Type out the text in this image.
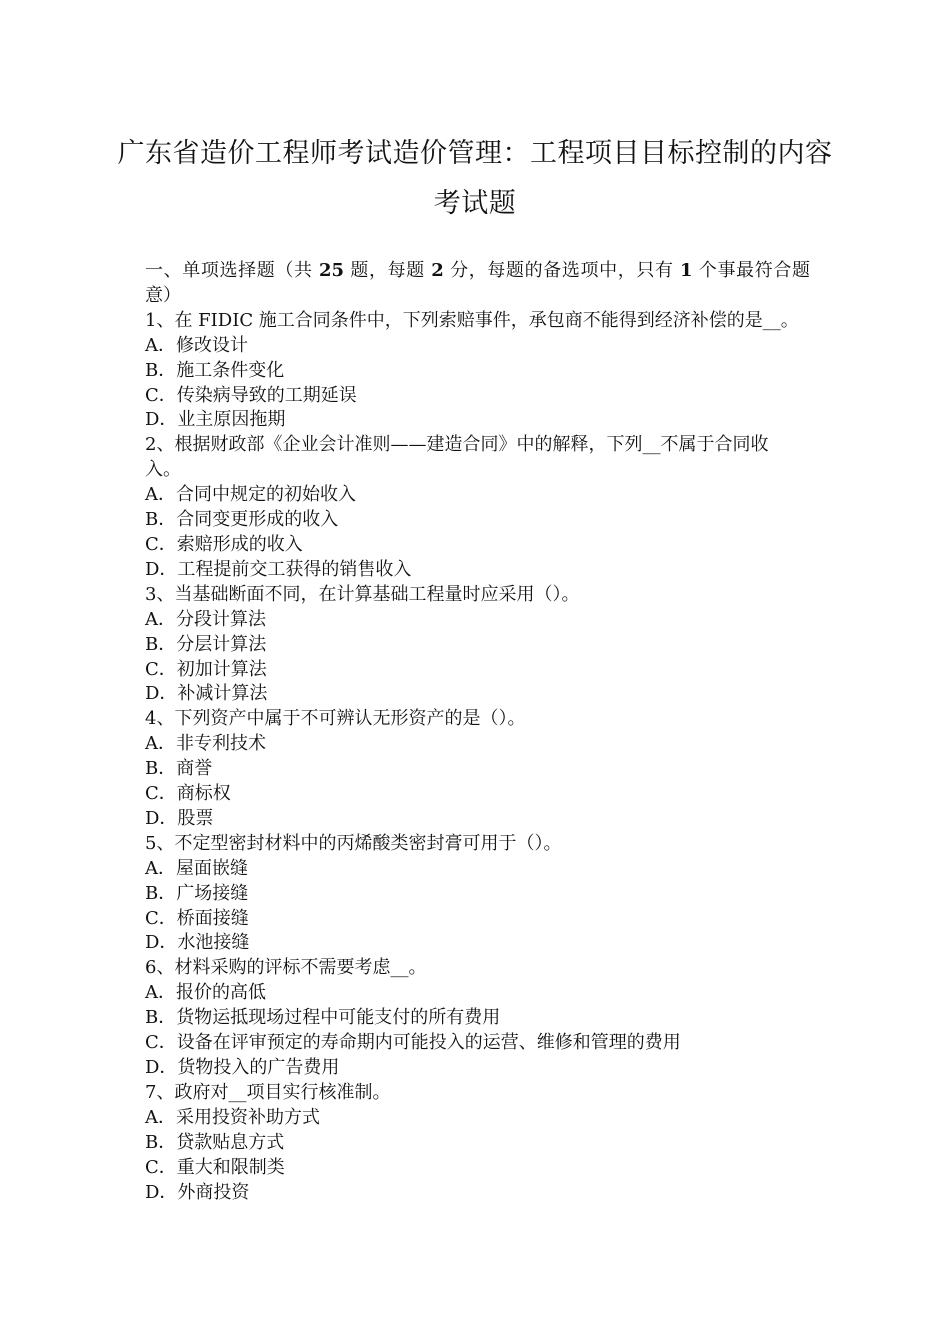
广东省造价工程师考试造价管理：工程项目目标控制的内容
考试题
一、单项选择题（共 25 题，每题 2 分，每题的备选项中，只有 1 个事最符合题意）
1、在 FIDIC 施工合同条件中，下列索赔事件，承包商不能得到经济补偿的是__。
A．修改设计
B．施工条件变化
C．传染病导致的工期延误
D．业主原因拖期
2、根据财政部《企业会计准则——建造合同》中的解释，下列__不属于合同收
入。
A．合同中规定的初始收入
B．合同变更形成的收入
C．索赔形成的收入
D．工程提前交工获得的销售收入
3、当基础断面不同，在计算基础工程量时应采用（）。
A．分段计算法
B．分层计算法
C．初加计算法
D．补减计算法
4、下列资产中属于不可辨认无形资产的是（）。
A．非专利技术
B．商誉
C．商标权
D．股票
5、不定型密封材料中的丙烯酸类密封膏可用于（）。
A．屋面嵌缝
B．广场接缝
C．桥面接缝
D．水池接缝
6、材料采购的评标不需要考虑__。
A．报价的高低
B．货物运抵现场过程中可能支付的所有费用
C．设备在评审预定的寿命期内可能投入的运营、维修和管理的费用
D．货物投入的广告费用
7、政府对__项目实行核准制。
A．采用投资补助方式
B．贷款贴息方式
C．重大和限制类
D．外商投资
